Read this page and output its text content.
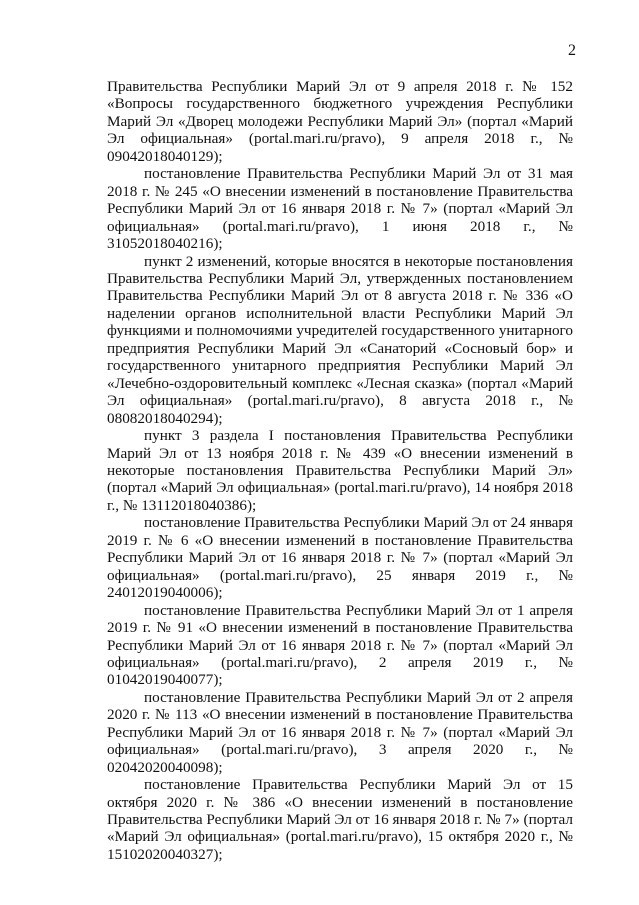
2

Правительства Республики Марий Эл от 9 апреля 2018 г. № 152 «Вопросы государственного бюджетного учреждения Республики Марий Эл «Дворец молодежи Республики Марий Эл» (портал «Марий Эл официальная» (portal.mari.ru/pravo), 9 апреля 2018 г., № 09042018040129);

постановление Правительства Республики Марий Эл от 31 мая 2018 г. № 245 «О внесении изменений в постановление Правительства Республики Марий Эл от 16 января 2018 г. № 7» (портал «Марий Эл официальная» (portal.mari.ru/pravo), 1 июня 2018 г., № 31052018040216);

пункт 2 изменений, которые вносятся в некоторые постановления Правительства Республики Марий Эл, утвержденных постановлением Правительства Республики Марий Эл от 8 августа 2018 г. № 336 «О наделении органов исполнительной власти Республики Марий Эл функциями и полномочиями учредителей государственного унитарного предприятия Республики Марий Эл «Санаторий «Сосновый бор» и государственного унитарного предприятия Республики Марий Эл «Лечебно-оздоровительный комплекс «Лесная сказка» (портал «Марий Эл официальная» (portal.mari.ru/pravo), 8 августа 2018 г., № 08082018040294);

пункт 3 раздела I постановления Правительства Республики Марий Эл от 13 ноября 2018 г. № 439 «О внесении изменений в некоторые постановления Правительства Республики Марий Эл» (портал «Марий Эл официальная» (portal.mari.ru/pravo), 14 ноября 2018 г., № 13112018040386);

постановление Правительства Республики Марий Эл от 24 января 2019 г. № 6 «О внесении изменений в постановление Правительства Республики Марий Эл от 16 января 2018 г. № 7» (портал «Марий Эл официальная» (portal.mari.ru/pravo), 25 января 2019 г., № 24012019040006);

постановление Правительства Республики Марий Эл от 1 апреля 2019 г. № 91 «О внесении изменений в постановление Правительства Республики Марий Эл от 16 января 2018 г. № 7» (портал «Марий Эл официальная» (portal.mari.ru/pravo), 2 апреля 2019 г., № 01042019040077);

постановление Правительства Республики Марий Эл от 2 апреля 2020 г. № 113 «О внесении изменений в постановление Правительства Республики Марий Эл от 16 января 2018 г. № 7» (портал «Марий Эл официальная» (portal.mari.ru/pravo), 3 апреля 2020 г., № 02042020040098);

постановление Правительства Республики Марий Эл от 15 октября 2020 г. № 386 «О внесении изменений в постановление Правительства Республики Марий Эл от 16 января 2018 г. № 7» (портал «Марий Эл официальная» (portal.mari.ru/pravo), 15 октября 2020 г., № 15102020040327);
